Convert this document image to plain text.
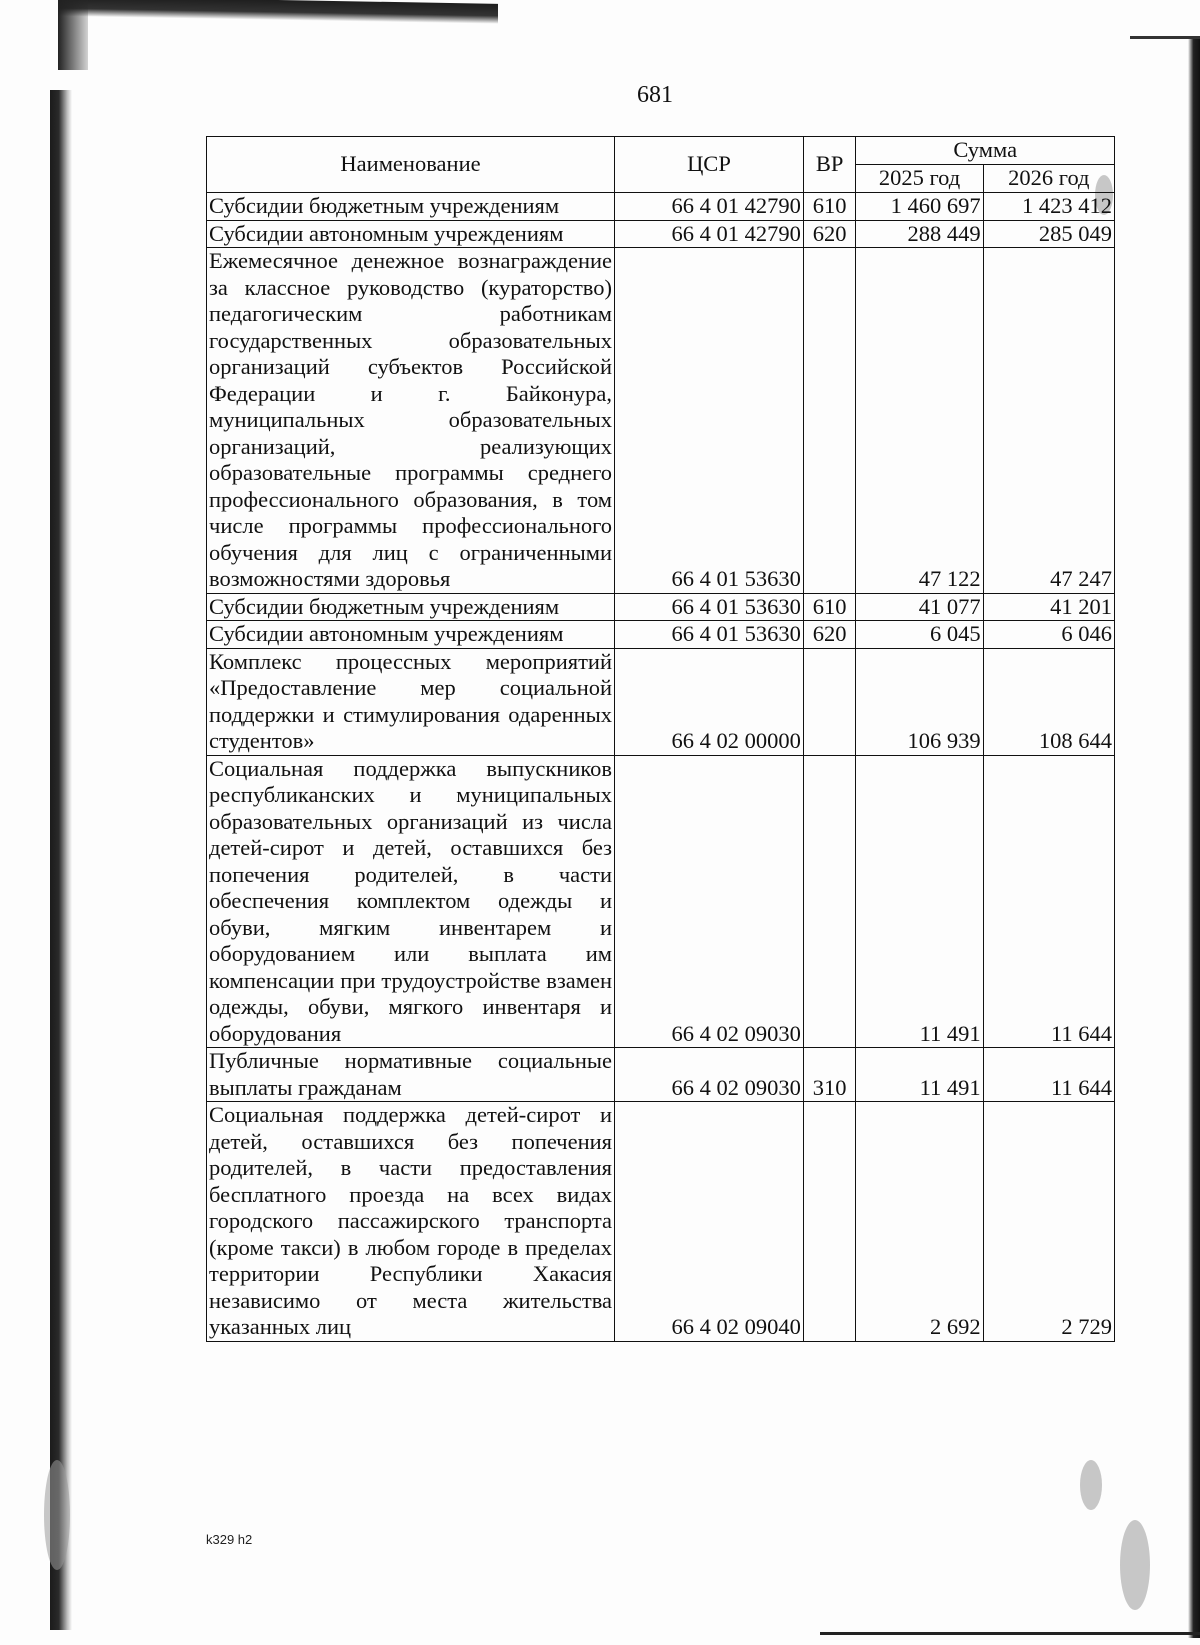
681
Наименование	ЦСР	ВР	Сумма	
			2025 год	2026 год
Субсидии бюджетным учреждениям	66 4 01 42790	610	1 460 697	1 423 412
Субсидии автономным учреждениям	66 4 01 42790	620	288 449	285 049
Ежемесячное денежное вознаграждение за классное руководство (кураторство) педагогическим работникам государственных образовательных организаций субъектов Российской Федерации и г. Байконура, муниципальных образовательных организаций, реализующих образовательные программы среднего профессионального образования, в том числе программы профессионального обучения для лиц с ограниченными возможностями здоровья	66 4 01 53630		47 122	47 247
Субсидии бюджетным учреждениям	66 4 01 53630	610	41 077	41 201
Субсидии автономным учреждениям	66 4 01 53630	620	6 045	6 046
Комплекс процессных мероприятий «Предоставление мер социальной поддержки и стимулирования одаренных студентов»	66 4 02 00000		106 939	108 644
Социальная поддержка выпускников республиканских и муниципальных образовательных организаций из числа детей-сирот и детей, оставшихся без попечения родителей, в части обеспечения комплектом одежды и обуви, мягким инвентарем и оборудованием или выплата им компенсации при трудоустройстве взамен одежды, обуви, мягкого инвентаря и оборудования	66 4 02 09030		11 491	11 644
Публичные нормативные социальные выплаты гражданам	66 4 02 09030	310	11 491	11 644
Социальная поддержка детей-сирот и детей, оставшихся без попечения родителей, в части предоставления бесплатного проезда на всех видах городского пассажирского транспорта (кроме такси) в любом городе в пределах территории Республики Хакасия независимо от места жительства указанных лиц	66 4 02 09040		2 692	2 729
k329 h2
